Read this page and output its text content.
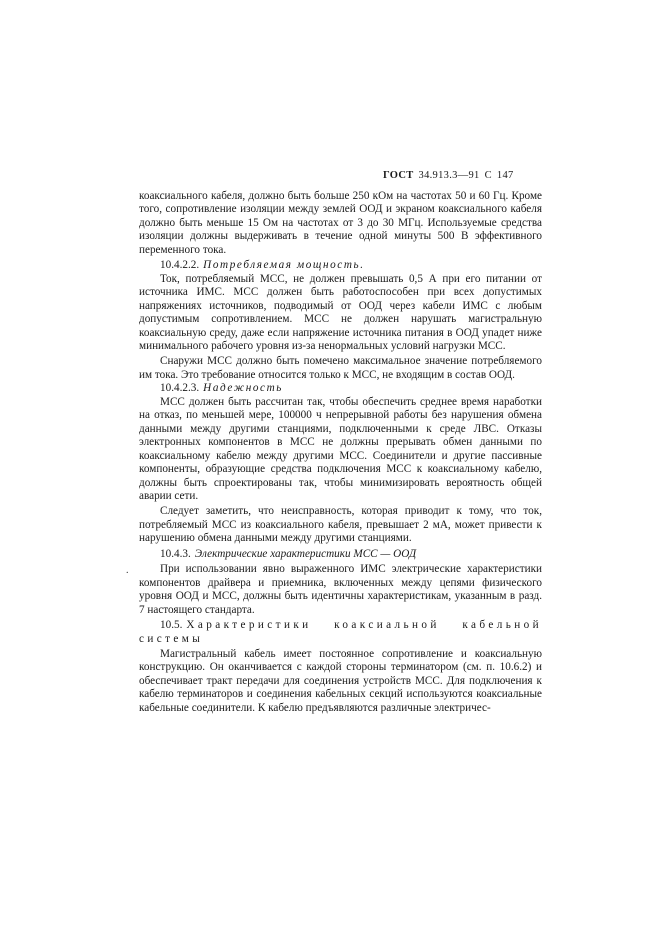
ГОСТ 34.913.3—91 С 147
.

коаксиального кабеля, должно быть больше 250 кОм на частотах 50 и 60 Гц. Кроме того, сопротивление изоляции между землей ООД и экраном коаксиального кабеля должно быть меньше 15 Ом на частотах от 3 до 30 МГц. Используемые средства изоляции должны выдерживать в течение одной минуты 500 В эффективного переменного тока.

10.4.2.2. Потребляемая мощность.

Ток, потребляемый МСС, не должен превышать 0,5 А при его питании от источника ИМС. МСС должен быть работоспособен при всех допустимых напряжениях источников, подводимый от ООД через кабели ИМС с любым допустимым сопротивлением. МСС не должен нарушать магистральную коаксиальную среду, даже если напряжение источника питания в ООД упадет ниже минимального рабочего уровня из-за ненормальных условий нагрузки МСС.

Снаружи МСС должно быть помечено максимальное значение потребляемого им тока. Это требование относится только к МСС, не входящим в состав ООД.

10.4.2.3. Надежность

МСС должен быть рассчитан так, чтобы обеспечить среднее время наработки на отказ, по меньшей мере, 100000 ч непрерывной работы без нарушения обмена данными между другими станциями, подключенными к среде ЛВС. Отказы электронных компонентов в МСС не должны прерывать обмен данными по коаксиальному кабелю между другими МСС. Соединители и другие пассивные компоненты, образующие средства подключения МСС к коаксиальному кабелю, должны быть спроектированы так, чтобы минимизировать вероятность общей аварии сети.

Следует заметить, что неисправность, которая приводит к тому, что ток, потребляемый МСС из коаксиального кабеля, превышает 2 мА, может привести к нарушению обмена данными между другими станциями.

10.4.3. Электрические характеристики МСС — ООД

При использовании явно выраженного ИМС электрические характеристики компонентов драйвера и приемника, включенных между цепями физического уровня ООД и МСС, должны быть идентичны характеристикам, указанным в разд. 7 настоящего стандарта.

10.5. Характеристики коаксиальной кабельной системы

Магистральный кабель имеет постоянное сопротивление и коаксиальную конструкцию. Он оканчивается с каждой стороны терминатором (см. п. 10.6.2) и обеспечивает тракт передачи для соединения устройств МСС. Для подключения к кабелю терминаторов и соединения кабельных секций используются коаксиальные кабельные соединители. К кабелю предъявляются различные электричес-
